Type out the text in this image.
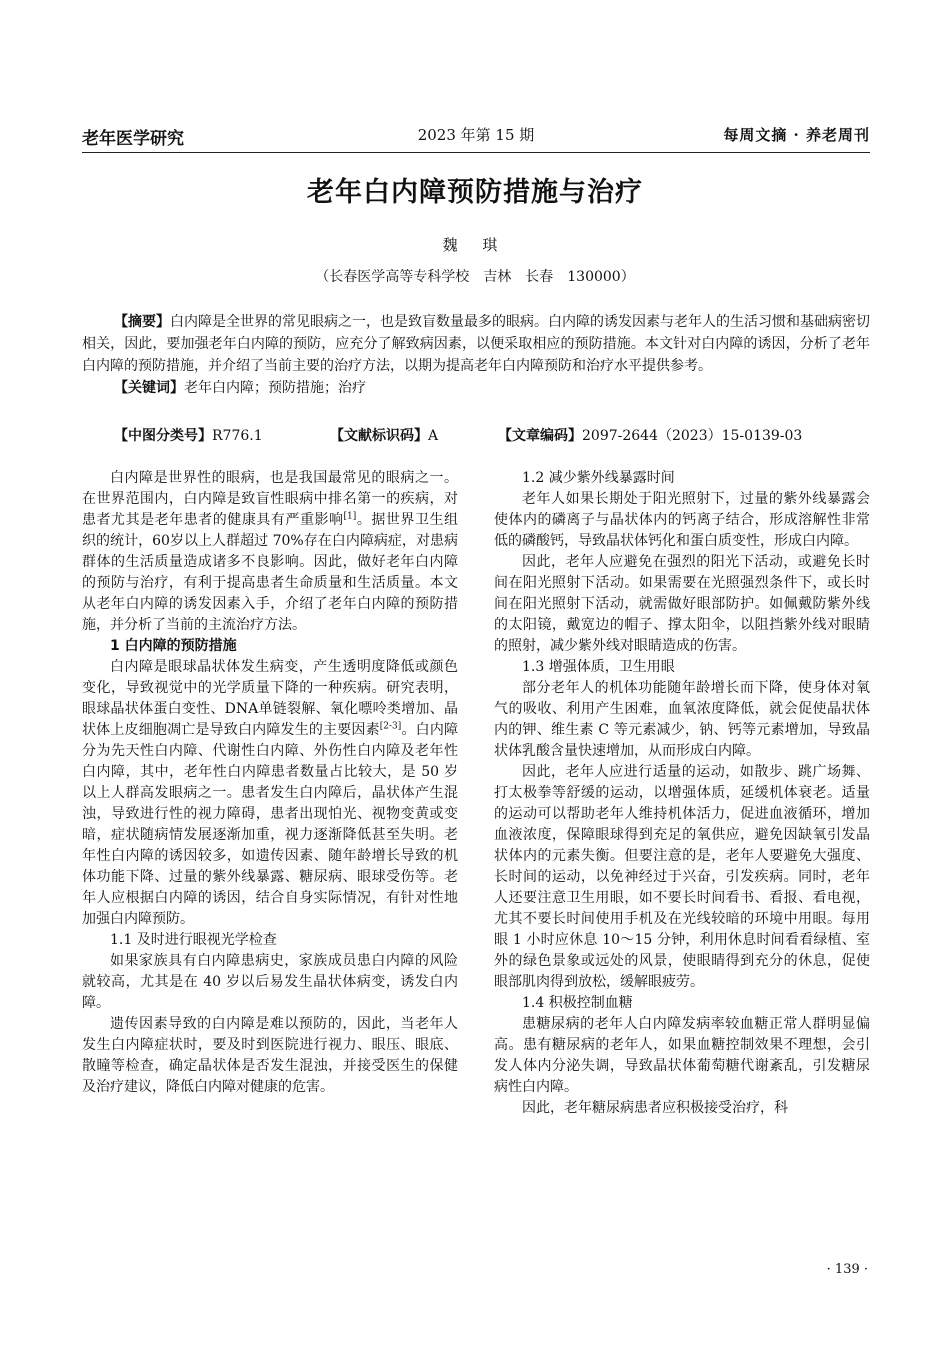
老年医学研究	2023 年第 15 期	每周文摘 · 养老周刊
老年白内障预防措施与治疗
魏 琪
（长春医学高等专科学校　吉林　长春　130000）

【摘要】白内障是全世界的常见眼病之一，也是致盲数量最多的眼病。白内障的诱发因素与老年人的生活习惯和基础病密切相关，因此，要加强老年白内障的预防，应充分了解致病因素，以便采取相应的预防措施。本文针对白内障的诱因，分析了老年白内障的预防措施，并介绍了当前主要的治疗方法，以期为提高老年白内障预防和治疗水平提供参考。

【关键词】老年白内障；预防措施；治疗

【中图分类号】R776.1	【文献标识码】A	【文章编码】2097-2644（2023）15-0139-03

白内障是世界性的眼病，也是我国最常见的眼病之一。在世界范围内，白内障是致盲性眼病中排名第一的疾病，对患者尤其是老年患者的健康具有严重影响[1]。据世界卫生组织的统计，60岁以上人群超过 70%存在白内障病症，对患病群体的生活质量造成诸多不良影响。因此，做好老年白内障的预防与治疗，有利于提高患者生命质量和生活质量。本文从老年白内障的诱发因素入手，介绍了老年白内障的预防措施，并分析了当前的主流治疗方法。

1 白内障的预防措施

白内障是眼球晶状体发生病变，产生透明度降低或颜色变化，导致视觉中的光学质量下降的一种疾病。研究表明，眼球晶状体蛋白变性、DNA单链裂解、氧化嘌呤类增加、晶状体上皮细胞凋亡是导致白内障发生的主要因素[2-3]。白内障分为先天性白内障、代谢性白内障、外伤性白内障及老年性白内障，其中，老年性白内障患者数量占比较大，是 50 岁以上人群高发眼病之一。患者发生白内障后，晶状体产生混浊，导致进行性的视力障碍，患者出现怕光、视物变黄或变暗，症状随病情发展逐渐加重，视力逐渐降低甚至失明。老年性白内障的诱因较多，如遗传因素、随年龄增长导致的机体功能下降、过量的紫外线暴露、糖尿病、眼球受伤等。老年人应根据白内障的诱因，结合自身实际情况，有针对性地加强白内障预防。

1.1 及时进行眼视光学检查

如果家族具有白内障患病史，家族成员患白内障的风险就较高，尤其是在 40 岁以后易发生晶状体病变，诱发白内障。

遗传因素导致的白内障是难以预防的，因此，当老年人发生白内障症状时，要及时到医院进行视力、眼压、眼底、散瞳等检查，确定晶状体是否发生混浊，并接受医生的保健及治疗建议，降低白内障对健康的危害。

1.2 减少紫外线暴露时间

老年人如果长期处于阳光照射下，过量的紫外线暴露会使体内的磷离子与晶状体内的钙离子结合，形成溶解性非常低的磷酸钙，导致晶状体钙化和蛋白质变性，形成白内障。

因此，老年人应避免在强烈的阳光下活动，或避免长时间在阳光照射下活动。如果需要在光照强烈条件下，或长时间在阳光照射下活动，就需做好眼部防护。如佩戴防紫外线的太阳镜，戴宽边的帽子、撑太阳伞，以阻挡紫外线对眼睛的照射，减少紫外线对眼睛造成的伤害。

1.3 增强体质，卫生用眼

部分老年人的机体功能随年龄增长而下降，使身体对氧气的吸收、利用产生困难，血氧浓度降低，就会促使晶状体内的钾、维生素 C 等元素减少，钠、钙等元素增加，导致晶状体乳酸含量快速增加，从而形成白内障。

因此，老年人应进行适量的运动，如散步、跳广场舞、打太极拳等舒缓的运动，以增强体质，延缓机体衰老。适量的运动可以帮助老年人维持机体活力，促进血液循环，增加血液浓度，保障眼球得到充足的氧供应，避免因缺氧引发晶状体内的元素失衡。但要注意的是，老年人要避免大强度、长时间的运动，以免神经过于兴奋，引发疾病。同时，老年人还要注意卫生用眼，如不要长时间看书、看报、看电视，尤其不要长时间使用手机及在光线较暗的环境中用眼。每用眼 1 小时应休息 10～15 分钟，利用休息时间看看绿植、室外的绿色景象或远处的风景，使眼睛得到充分的休息，促使眼部肌肉得到放松，缓解眼疲劳。

1.4 积极控制血糖

患糖尿病的老年人白内障发病率较血糖正常人群明显偏高。患有糖尿病的老年人，如果血糖控制效果不理想，会引发人体内分泌失调，导致晶状体葡萄糖代谢紊乱，引发糖尿病性白内障。

因此，老年糖尿病患者应积极接受治疗，科

· 139 ·
